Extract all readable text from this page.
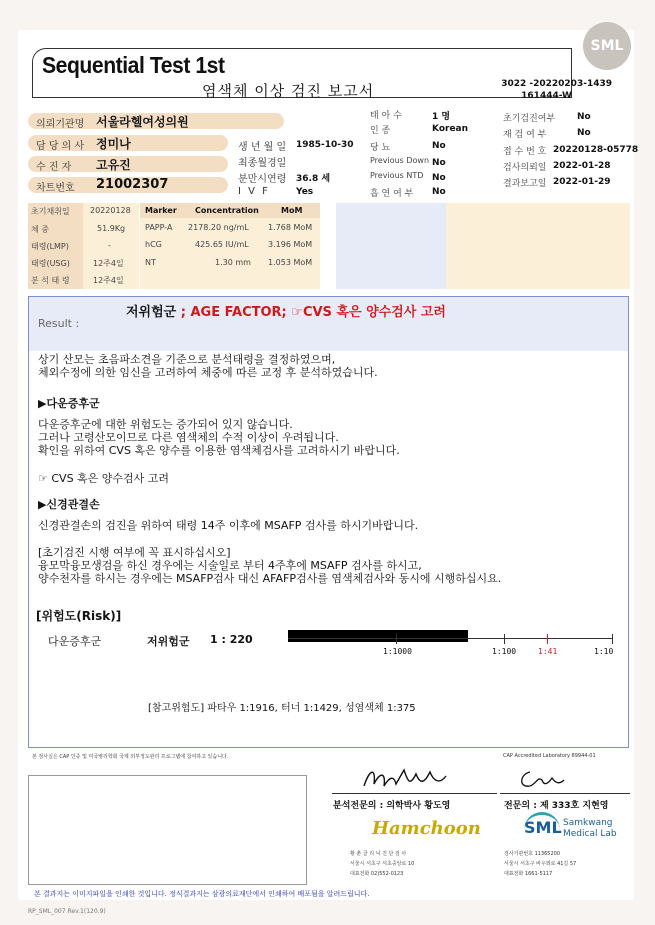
SML
Sequential Test 1st
염색체 이상 검진 보고서	3022 -20220203-1439
161444-W
의뢰기관명 서울라헬여성의원
담 당 의 사 정미나
수 진 자 고유진
차트번호 21002307
생 년 월 일 1985-10-30
최종월경일
분만시연령 36.8 세
I V F	Yes
태 아 수	1 명
인 종	Korean
당 뇨	No
Previous Down No
Previous NTD No
흡 연 여 부 No
초기검진여부 No
재 검 여 부	No
접 수 번 호 20220128-05778
검사의뢰일 2022-01-28
결과보고일 2022-01-29
초기채취일	20220128
체 중	51.9Kg
태령(LMP)	-
태령(USG)	12주4일
분 석 태 령	12주4일
Marker Concentration	MoM
PAPP-A 2178.20 ng/mL 1.768 MoM
hCG	425.65 IU/mL 3.196 MoM
NT	1.30 mm 1.053 MoM
Result :
저위험군 ; AGE FACTOR; ☞CVS 혹은 양수검사 고려
상기 산모는 초음파소견을 기준으로 분석태령을 결정하였으며,
체외수정에 의한 임신을 고려하여 체중에 따른 교정 후 분석하였습니다.
▶다운증후군
다운증후군에 대한 위험도는 증가되어 있지 않습니다.
그러나 고령산모이므로 다른 염색체의 수적 이상이 우려됩니다.
확인을 위하여 CVS 혹은 양수를 이용한 염색체검사를 고려하시기 바랍니다.
☞ CVS 혹은 양수검사 고려
▶신경관결손
신경관결손의 검진을 위하여 태령 14주 이후에 MSAFP 검사를 하시기바랍니다.
[초기검진 시행 여부에 꼭 표시하십시오]
융모막융모생검을 하신 경우에는 시술일로 부터 4주후에 MSAFP 검사를 하시고,
양수천자를 하시는 경우에는 MSAFP검사 대신 AFAFP검사를 염색체검사와 동시에 시행하십시요.
[위험도(Risk)]
다운증후군	저위험군 1 : 220
1:1000	1:100	1:41	1:10
[참고위험도] 파타우 1:1916, 터너 1:1429, 성염색체 1:375
본 검사실은 CAP 인증 및 미국병리학회 국제 외부정도관리 프로그램에 참여하고 있습니다.	CAP Accredited Laboratory 89944-01
분석전문의 : 의학박사 황도영	전문의 : 제 333호 지현영
Hamchoon
황 춘 클 리 닉 진 단 검 사
서울시 서초구 서초중앙로 10
대표전화 02)552-0123
SML Samkwang
Medical Lab
검사기관번호 11365200
서울시 서초구 바우뫼로 41길 57
대표전화 1661-5117
본 결과지는 이미지파일을 인쇄한 것입니다. 정식결과지는 삼광의료재단에서 인쇄하여 배포됨을 알려드립니다.
RP_SML_007 Rev.1(120.9)
